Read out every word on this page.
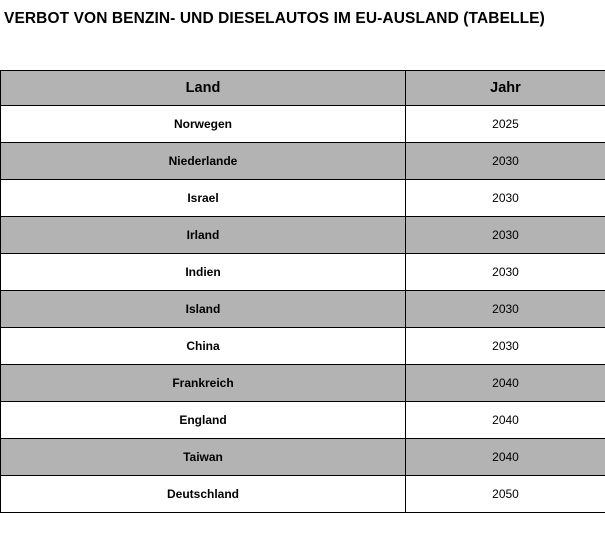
VERBOT VON BENZIN- UND DIESELAUTOS IM EU-AUSLAND (TABELLE)
Land	Jahr
Norwegen	2025
Niederlande	2030
Israel	2030
Irland	2030
Indien	2030
Island	2030
China	2030
Frankreich	2040
England	2040
Taiwan	2040
Deutschland	2050
